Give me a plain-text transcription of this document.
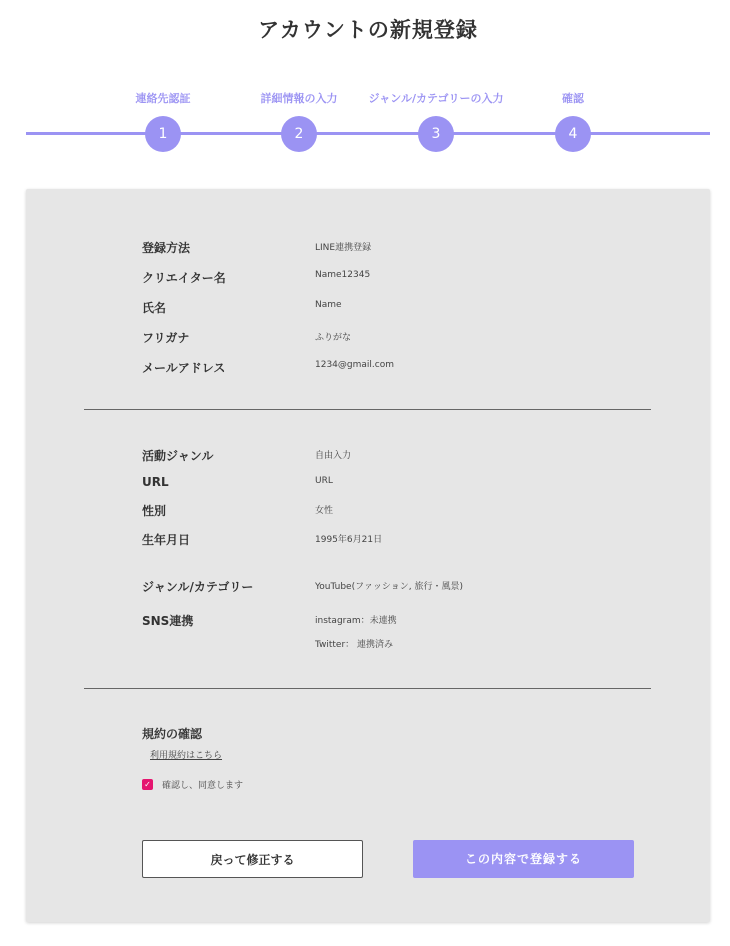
アカウントの新規登録
連絡先認証
1
詳細情報の入力
2
ジャンル/カテゴリーの入力
3
確認
4
登録方法	LINE連携登録
クリエイター名	Name12345
氏名	Name
フリガナ	ふりがな
メールアドレス	1234@gmail.com
活動ジャンル	自由入力
URL	URL
性別	女性
生年月日	1995年6月21日
ジャンル/カテゴリー	YouTube(ファッション, 旅行・風景)
SNS連携	instagram：未連携
Twitter： 連携済み
規約の確認
利用規約はこちら
✓ 確認し、同意します
戻って修正する	この内容で登録する
